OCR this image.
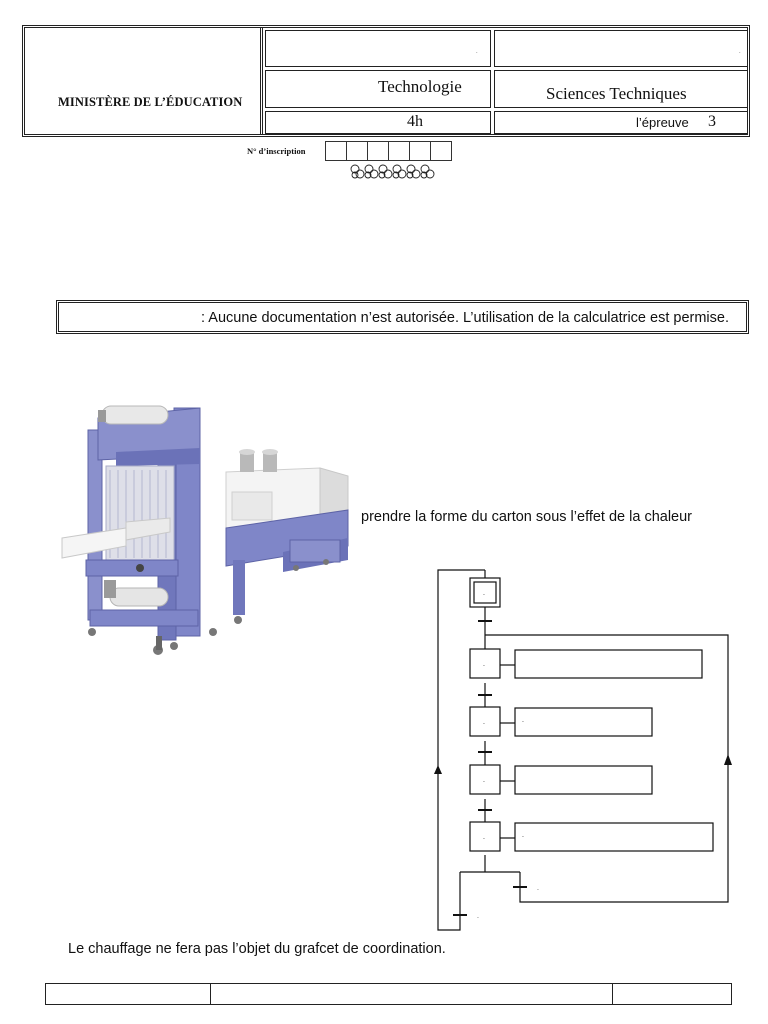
MINISTÈRE DE L’ÉDUCATION
.	.
Technologie	Sciences Techniques
4h	l’épreuve 3
N° d’inscription
: Aucune documentation n’est autorisée. L’utilisation de la calculatrice est permise.
prendre la forme du carton sous l’effet de la chaleur
.
.
.
.
.	.
.
.	.
Le chauffage ne fera pas l’objet du grafcet de coordination.
